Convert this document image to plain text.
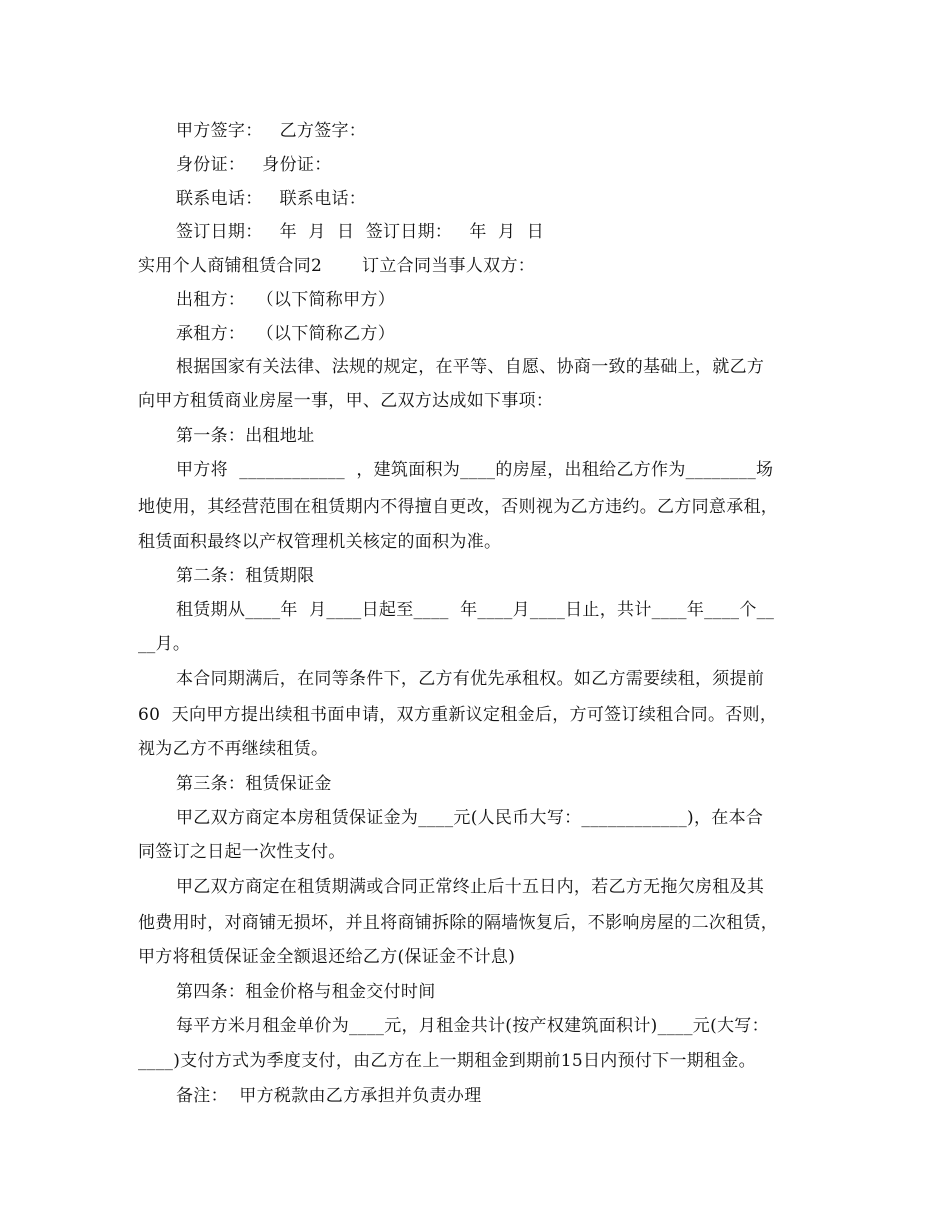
甲方签字：   乙方签字：
身份证：   身份证：
联系电话：   联系电话：
签订日期：   年  月  日  签订日期：   年  月  日
实用个人商铺租赁合同2       订立合同当事人双方：
出租方：  （以下简称甲方）
承租方：  （以下简称乙方）
根据国家有关法律、法规的规定，在平等、自愿、协商一致的基础上，就乙方
向甲方租赁商业房屋一事，甲、乙双方达成如下事项：
第一条：出租地址
甲方将  ____________  ，建筑面积为____的房屋，出租给乙方作为________场
地使用，其经营范围在租赁期内不得擅自更改，否则视为乙方违约。乙方同意承租，
租赁面积最终以产权管理机关核定的面积为准。
第二条：租赁期限
租赁期从____年  月____日起至____  年____月____日止，共计____年____个__
__月。
本合同期满后，在同等条件下，乙方有优先承租权。如乙方需要续租，须提前
60  天向甲方提出续租书面申请，双方重新议定租金后，方可签订续租合同。否则，
视为乙方不再继续租赁。
第三条：租赁保证金
甲乙双方商定本房租赁保证金为____元(人民币大写：____________)，在本合
同签订之日起一次性支付。
甲乙双方商定在租赁期满或合同正常终止后十五日内，若乙方无拖欠房租及其
他费用时，对商铺无损坏，并且将商铺拆除的隔墙恢复后，不影响房屋的二次租赁，
甲方将租赁保证金全额退还给乙方(保证金不计息)
第四条：租金价格与租金交付时间
每平方米月租金单价为____元，月租金共计(按产权建筑面积计)____元(大写：
____)支付方式为季度支付，由乙方在上一期租金到期前15日内预付下一期租金。
备注：  甲方税款由乙方承担并负责办理
